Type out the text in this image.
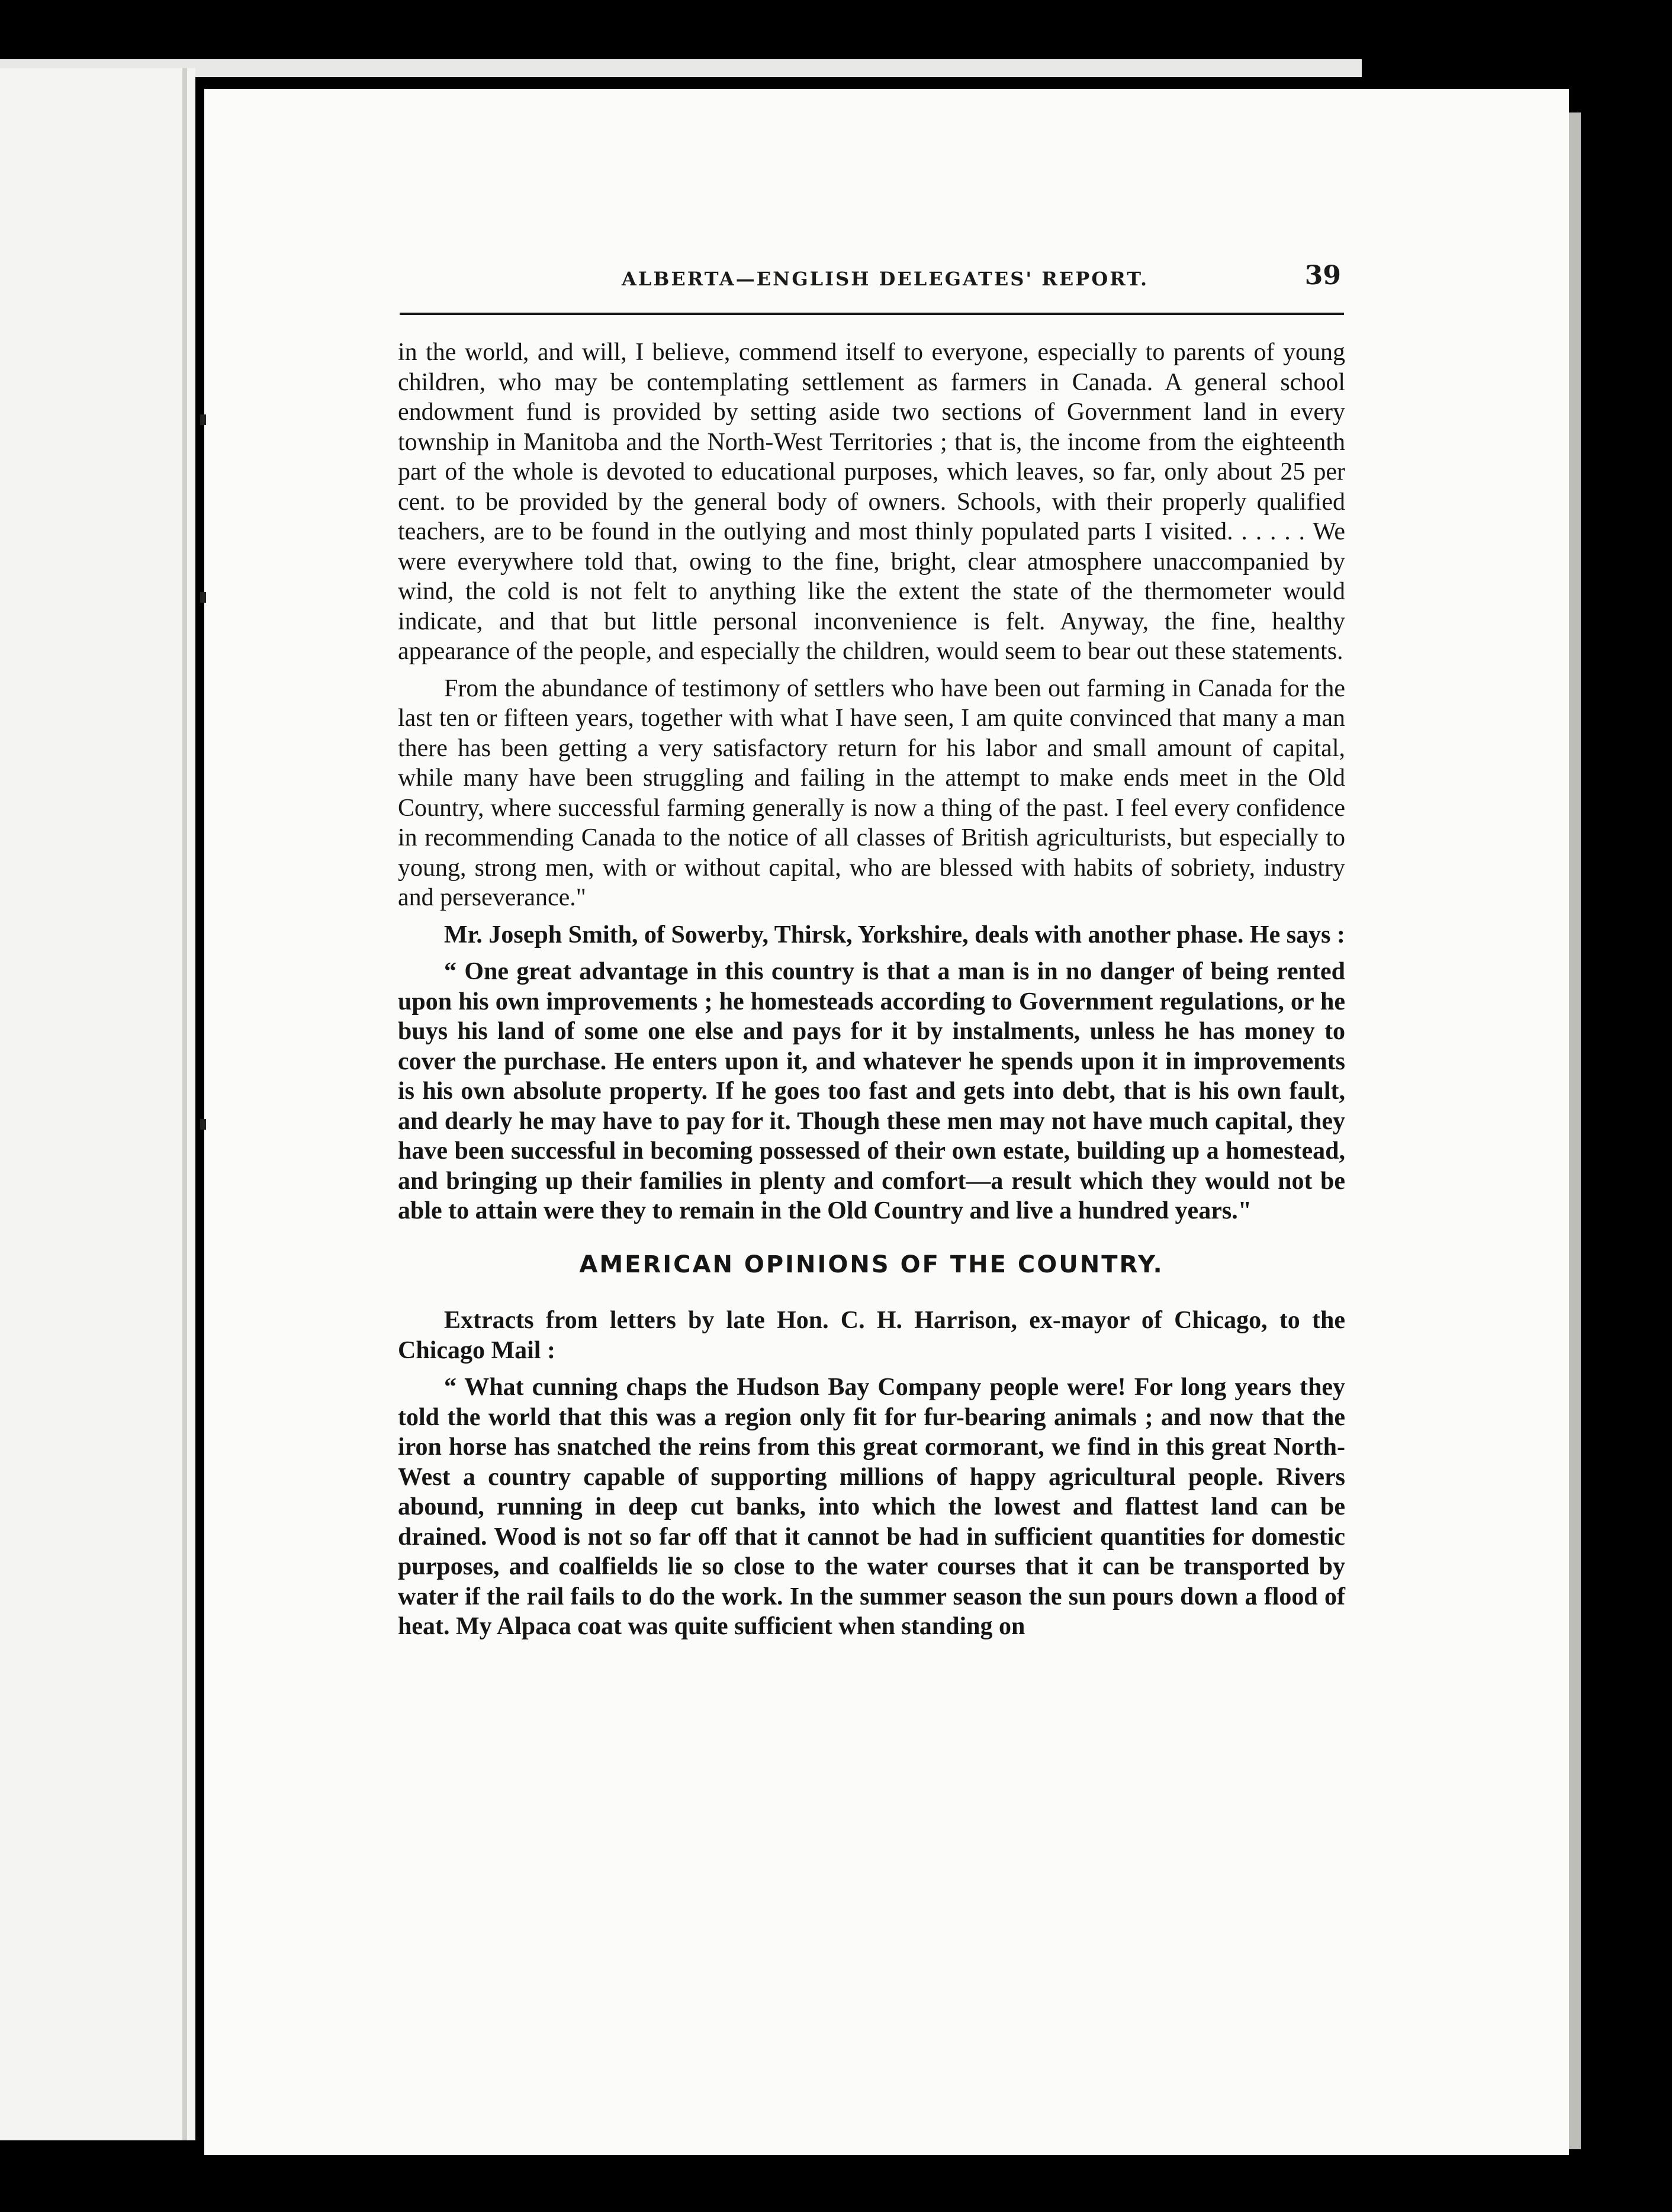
ALBERTA—ENGLISH DELEGATES' REPORT.	39

in the world, and will, I believe, commend itself to everyone, especially to parents of young children, who may be contemplating settlement as farmers in Canada. A general school endowment fund is provided by setting aside two sections of Government land in every township in Manitoba and the North-West Territories ; that is, the income from the eighteenth part of the whole is devoted to educational purposes, which leaves, so far, only about 25 per cent. to be provided by the general body of owners. Schools, with their properly qualified teachers, are to be found in the outlying and most thinly populated parts I visited. . . . . . We were everywhere told that, owing to the fine, bright, clear atmosphere unaccompanied by wind, the cold is not felt to anything like the extent the state of the thermometer would indicate, and that but little personal inconvenience is felt. Anyway, the fine, healthy appearance of the people, and especially the children, would seem to bear out these statements.

From the abundance of testimony of settlers who have been out farming in Canada for the last ten or fifteen years, together with what I have seen, I am quite convinced that many a man there has been getting a very satisfactory return for his labor and small amount of capital, while many have been struggling and failing in the attempt to make ends meet in the Old Country, where successful farming generally is now a thing of the past. I feel every confidence in recommending Canada to the notice of all classes of British agriculturists, but especially to young, strong men, with or without capital, who are blessed with habits of sobriety, industry and perseverance."

Mr. Joseph Smith, of Sowerby, Thirsk, Yorkshire, deals with another phase. He says :

“ One great advantage in this country is that a man is in no danger of being rented upon his own improvements ; he homesteads according to Government regulations, or he buys his land of some one else and pays for it by instalments, unless he has money to cover the purchase. He enters upon it, and whatever he spends upon it in improvements is his own absolute property. If he goes too fast and gets into debt, that is his own fault, and dearly he may have to pay for it. Though these men may not have much capital, they have been successful in becoming possessed of their own estate, building up a homestead, and bringing up their families in plenty and comfort—a result which they would not be able to attain were they to remain in the Old Country and live a hundred years."

AMERICAN OPINIONS OF THE COUNTRY.

Extracts from letters by late Hon. C. H. Harrison, ex-mayor of Chicago, to the Chicago Mail :

“ What cunning chaps the Hudson Bay Company people were! For long years they told the world that this was a region only fit for fur-bearing animals ; and now that the iron horse has snatched the reins from this great cormorant, we find in this great North-West a country capable of supporting millions of happy agricultural people. Rivers abound, running in deep cut banks, into which the lowest and flattest land can be drained. Wood is not so far off that it cannot be had in sufficient quantities for domestic purposes, and coalfields lie so close to the water courses that it can be transported by water if the rail fails to do the work. In the summer season the sun pours down a flood of heat. My Alpaca coat was quite sufficient when standing on
